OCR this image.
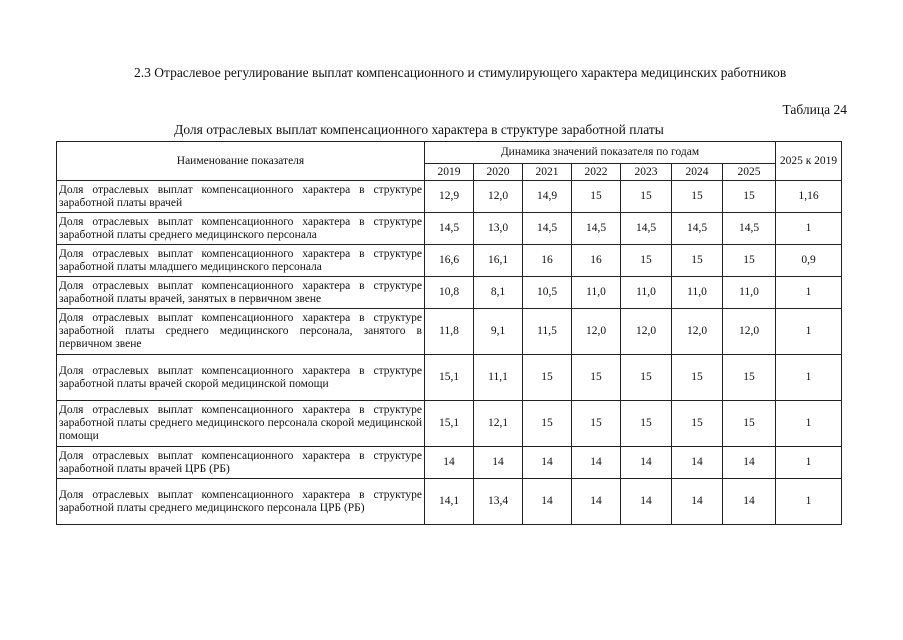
2.3 Отраслевое регулирование выплат компенсационного и стимулирующего характера медицинских работников
Таблица 24
Доля отраслевых выплат компенсационного характера в структуре заработной платы
Наименование показателя	Динамика значений показателя по годам							2025 к 2019
	2019	2020	2021	2022	2023	2024	2025	
Доля отраслевых выплат компенсационного характера в структуре заработной платы врачей	12,9	12,0	14,9	15	15	15	15	1,16
Доля отраслевых выплат компенсационного характера в структуре заработной платы среднего медицинского персонала	14,5	13,0	14,5	14,5	14,5	14,5	14,5	1
Доля отраслевых выплат компенсационного характера в структуре заработной платы младшего медицинского персонала	16,6	16,1	16	16	15	15	15	0,9
Доля отраслевых выплат компенсационного характера в структуре заработной платы врачей, занятых в первичном звене	10,8	8,1	10,5	11,0	11,0	11,0	11,0	1
Доля отраслевых выплат компенсационного характера в структуре заработной платы среднего медицинского персонала, занятого в первичном звене	11,8	9,1	11,5	12,0	12,0	12,0	12,0	1
Доля отраслевых выплат компенсационного характера в структуре заработной платы врачей скорой медицинской помощи	15,1	11,1	15	15	15	15	15	1
Доля отраслевых выплат компенсационного характера в структуре заработной платы среднего медицинского персонала скорой медицинской помощи	15,1	12,1	15	15	15	15	15	1
Доля отраслевых выплат компенсационного характера в структуре заработной платы врачей ЦРБ (РБ)	14	14	14	14	14	14	14	1
Доля отраслевых выплат компенсационного характера в структуре заработной платы среднего медицинского персонала ЦРБ (РБ)	14,1	13,4	14	14	14	14	14	1
